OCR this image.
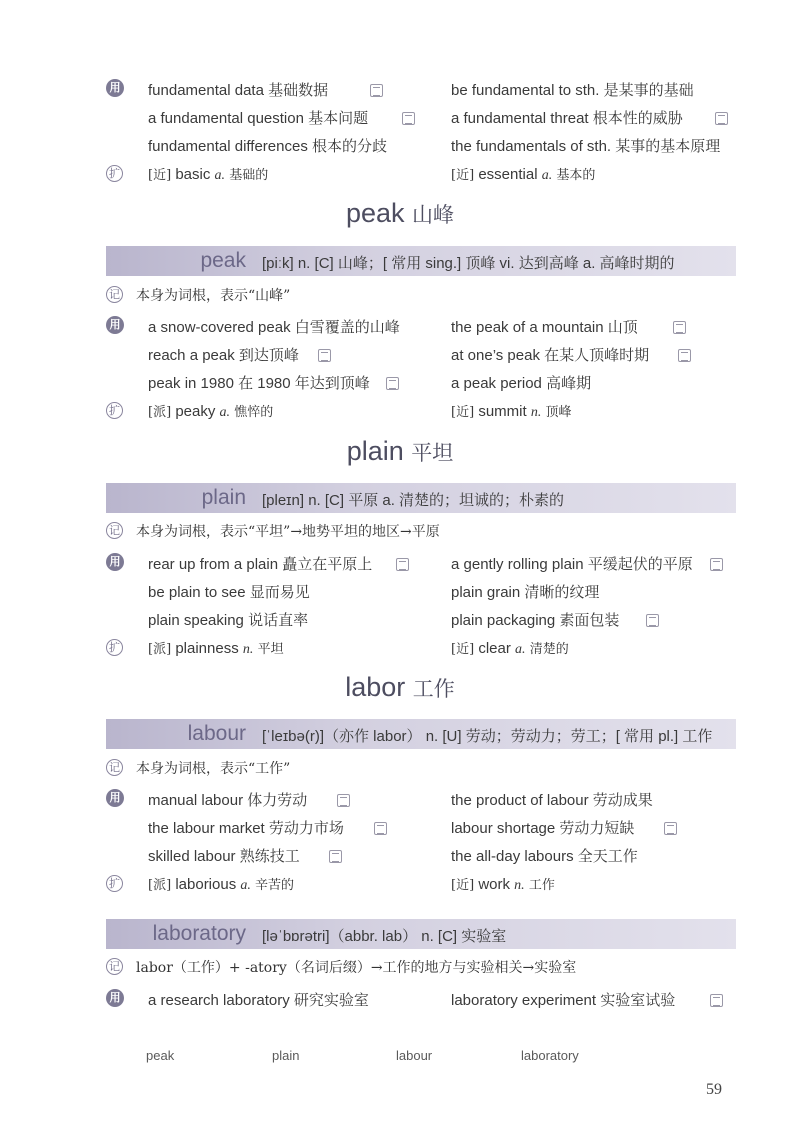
用 fundamental data 基础数据	be fundamental to sth. 是某事的基础
a fundamental question 基本问题	a fundamental threat 根本性的威胁
fundamental differences 根本的分歧	the fundamentals of sth. 某事的基本原理
扩 [近] basic a. 基础的	[近] essential a. 基本的
peak 山峰
peak [piːk] n. [C] 山峰；[ 常用 sing.] 顶峰 vi. 达到高峰 a. 高峰时期的
记 本身为词根，表示“山峰”
用 a snow-covered peak 白雪覆盖的山峰	the peak of a mountain 山顶
reach a peak 到达顶峰	at one’s peak 在某人顶峰时期
peak in 1980 在 1980 年达到顶峰	a peak period 高峰期
扩 [派] peaky a. 憔悴的	[近] summit n. 顶峰
plain 平坦
plain [pleɪn] n. [C] 平原 a. 清楚的；坦诚的；朴素的
记 本身为词根，表示“平坦”→地势平坦的地区→平原
用 rear up from a plain 矗立在平原上	a gently rolling plain 平缓起伏的平原
be plain to see 显而易见	plain grain 清晰的纹理
plain speaking 说话直率	plain packaging 素面包装
扩 [派] plainness n. 平坦	[近] clear a. 清楚的
labor 工作
labour [ˈleɪbə(r)]（亦作 labor） n. [U] 劳动；劳动力；劳工；[ 常用 pl.] 工作
记 本身为词根，表示“工作”
用 manual labour 体力劳动	the product of labour 劳动成果
the labour market 劳动力市场	labour shortage 劳动力短缺
skilled labour 熟练技工	the all-day labours 全天工作
扩 [派] laborious a. 辛苦的	[近] work n. 工作
laboratory [ləˈbɒrətri]（abbr. lab） n. [C] 实验室
记 labor（工作）+ -atory（名词后缀）→工作的地方与实验相关→实验室
用 a research laboratory 研究实验室	laboratory experiment 实验室试验
peak	plain	labour	laboratory
59
